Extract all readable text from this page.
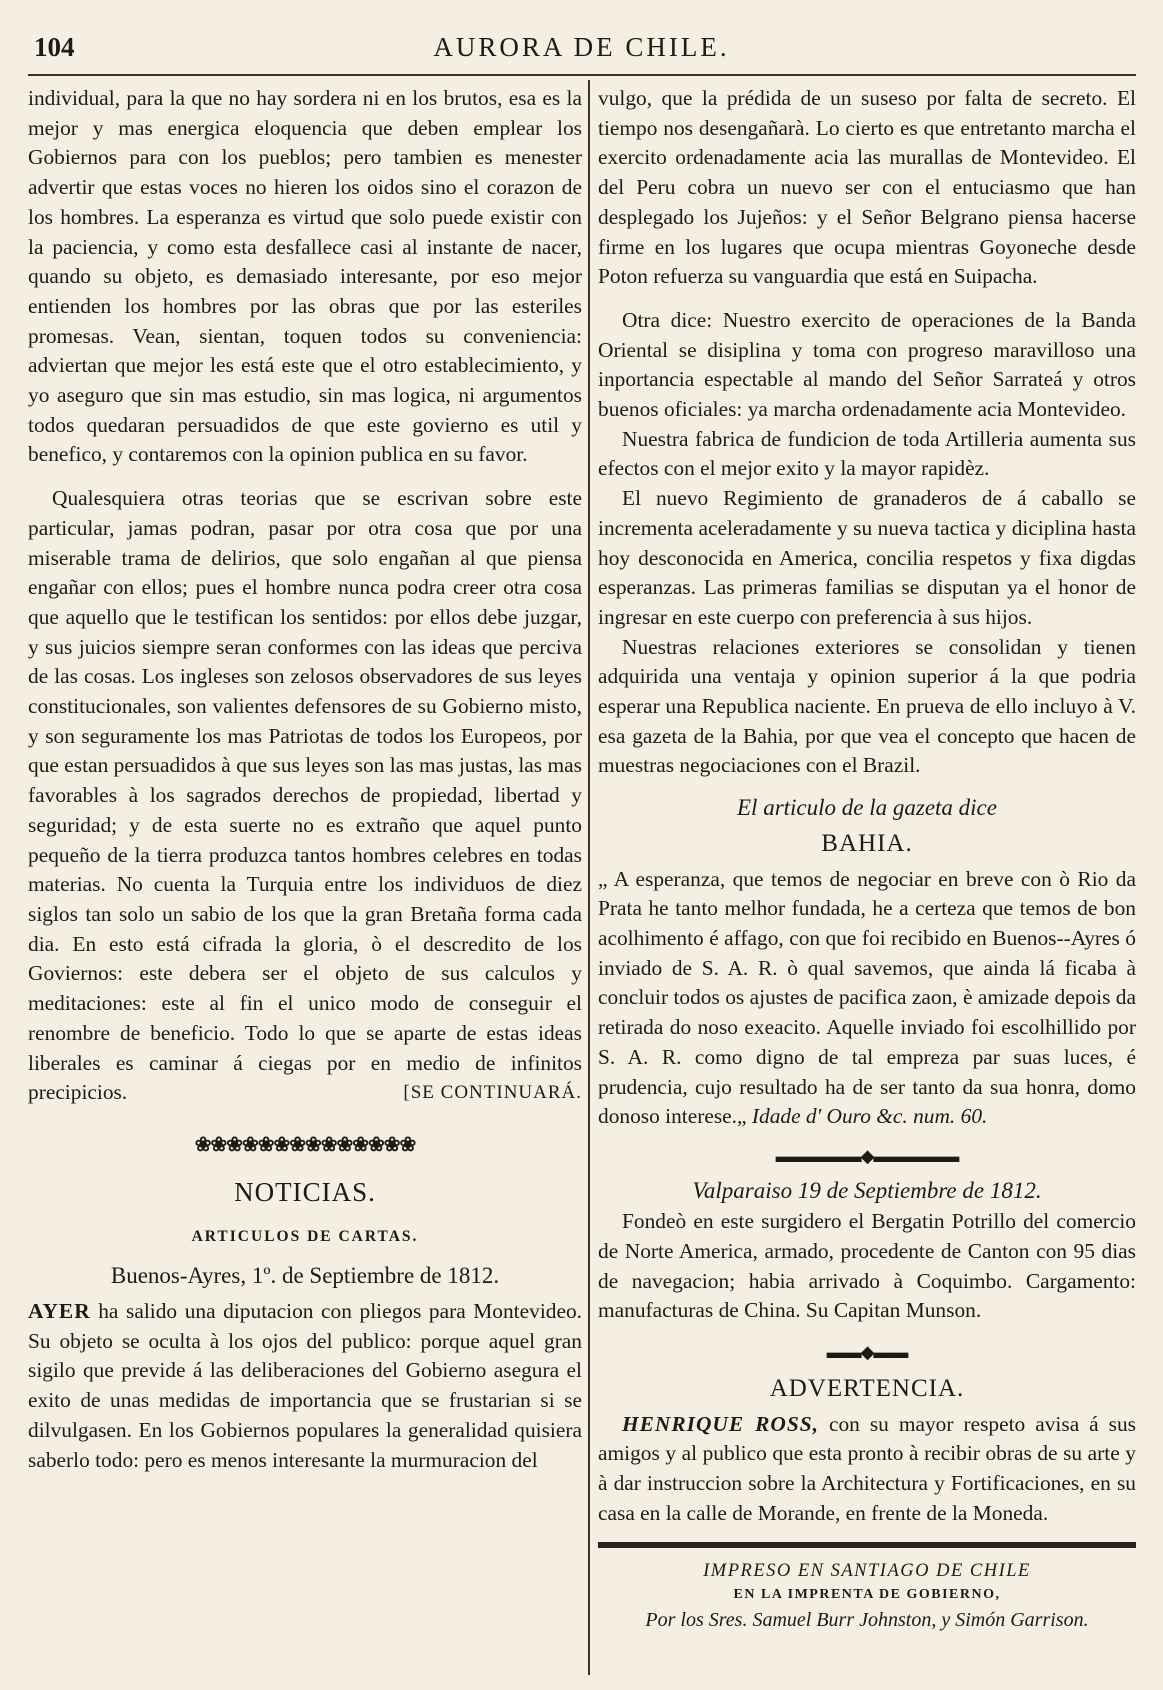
104	AURORA DE CHILE.

individual, para la que no hay sordera ni en los brutos, esa es la mejor y mas energica eloquencia que deben emplear los Gobiernos para con los pueblos; pero tambien es menester advertir que estas voces no hieren los oidos sino el corazon de los hombres. La esperanza es virtud que solo puede existir con la paciencia, y como esta desfallece casi al instante de nacer, quando su objeto, es demasiado interesante, por eso mejor entienden los hombres por las obras que por las esteriles promesas. Vean, sientan, toquen todos su conveniencia: adviertan que mejor les está este que el otro establecimiento, y yo aseguro que sin mas estudio, sin mas logica, ni argumentos todos quedaran persuadidos de que este govierno es util y benefico, y contaremos con la opinion publica en su favor.

Qualesquiera otras teorias que se escrivan sobre este particular, jamas podran, pasar por otra cosa que por una miserable trama de delirios, que solo engañan al que piensa engañar con ellos; pues el hombre nunca podra creer otra cosa que aquello que le testifican los sentidos: por ellos debe juzgar, y sus juicios siempre seran conformes con las ideas que perciva de las cosas. Los ingleses son zelosos observadores de sus leyes constitucionales, son valientes defensores de su Gobierno misto, y son seguramente los mas Patriotas de todos los Europeos, por que estan persuadidos à que sus leyes son las mas justas, las mas favorables à los sagrados derechos de propiedad, libertad y seguridad; y de esta suerte no es extraño que aquel punto pequeño de la tierra produzca tantos hombres celebres en todas materias. No cuenta la Turquia entre los individuos de diez siglos tan solo un sabio de los que la gran Bretaña forma cada dia. En esto está cifrada la gloria, ò el descredito de los Goviernos: este debera ser el objeto de sus calculos y meditaciones: este al fin el unico modo de conseguir el renombre de beneficio. Todo lo que se aparte de estas ideas liberales es caminar á ciegas por en medio de infinitos precipicios.	[SE CONTINUARÁ.
❀❀❀❀❀❀❀❀❀❀❀❀❀❀
NOTICIAS.
ARTICULOS DE CARTAS.
Buenos-Ayres, 1º. de Septiembre de 1812.

AYER ha salido una diputacion con pliegos para Montevideo. Su objeto se oculta à los ojos del publico: porque aquel gran sigilo que previde á las deliberaciones del Gobierno asegura el exito de unas medidas de importancia que se frustarian si se dilvulgasen. En los Gobiernos populares la generalidad quisiera saberlo todo: pero es menos interesante la murmuracion del

vulgo, que la prédida de un suseso por falta de secreto. El tiempo nos desengañarà. Lo cierto es que entretanto marcha el exercito ordenadamente acia las murallas de Montevideo. El del Peru cobra un nuevo ser con el entuciasmo que han desplegado los Jujeños: y el Señor Belgrano piensa hacerse firme en los lugares que ocupa mientras Goyoneche desde Poton refuerza su vanguardia que está en Suipacha.

Otra dice: Nuestro exercito de operaciones de la Banda Oriental se disiplina y toma con progreso maravilloso una inportancia espectable al mando del Señor Sarrateá y otros buenos oficiales: ya marcha ordenadamente acia Montevideo.

Nuestra fabrica de fundicion de toda Artilleria aumenta sus efectos con el mejor exito y la mayor rapidèz.

El nuevo Regimiento de granaderos de á caballo se incrementa aceleradamente y su nueva tactica y diciplina hasta hoy desconocida en America, concilia respetos y fixa digdas esperanzas. Las primeras familias se disputan ya el honor de ingresar en este cuerpo con preferencia à sus hijos.

Nuestras relaciones exteriores se consolidan y tienen adquirida una ventaja y opinion superior á la que podria esperar una Republica naciente. En prueva de ello incluyo à V. esa gazeta de la Bahia, por que vea el concepto que hacen de muestras negociaciones con el Brazil.

El articulo de la gazeta dice
BAHIA.

„ A esperanza, que temos de negociar en breve con ò Rio da Prata he tanto melhor fundada, he a certeza que temos de bon acolhimento é affago, con que foi recibido en Buenos--Ayres ó inviado de S. A. R. ò qual savemos, que ainda lá ficaba à concluir todos os ajustes de pacifica zaon, è amizade depois da retirada do noso exeacito. Aquelle inviado foi escolhillido por S. A. R. como digno de tal empreza par suas luces, é prudencia, cujo resultado ha de ser tanto da sua honra, domo donoso interese.„ Idade d' Ouro &c. num. 60.

▬▬▬▬▬◆▬▬▬▬▬
Valparaiso 19 de Septiembre de 1812.

Fondeò en este surgidero el Bergatin Potrillo del comercio de Norte America, armado, procedente de Canton con 95 dias de navegacion; habia arrivado à Coquimbo. Cargamento: manufacturas de China. Su Capitan Munson.

▬▬◆▬▬
ADVERTENCIA.

HENRIQUE ROSS, con su mayor respeto avisa á sus amigos y al publico que esta pronto à recibir obras de su arte y à dar instruccion sobre la Architectura y Fortificaciones, en su casa en la calle de Morande, en frente de la Moneda.

IMPRESO EN SANTIAGO DE CHILE
EN LA IMPRENTA DE GOBIERNO,
Por los Sres. Samuel Burr Johnston, y Simón Garrison.
